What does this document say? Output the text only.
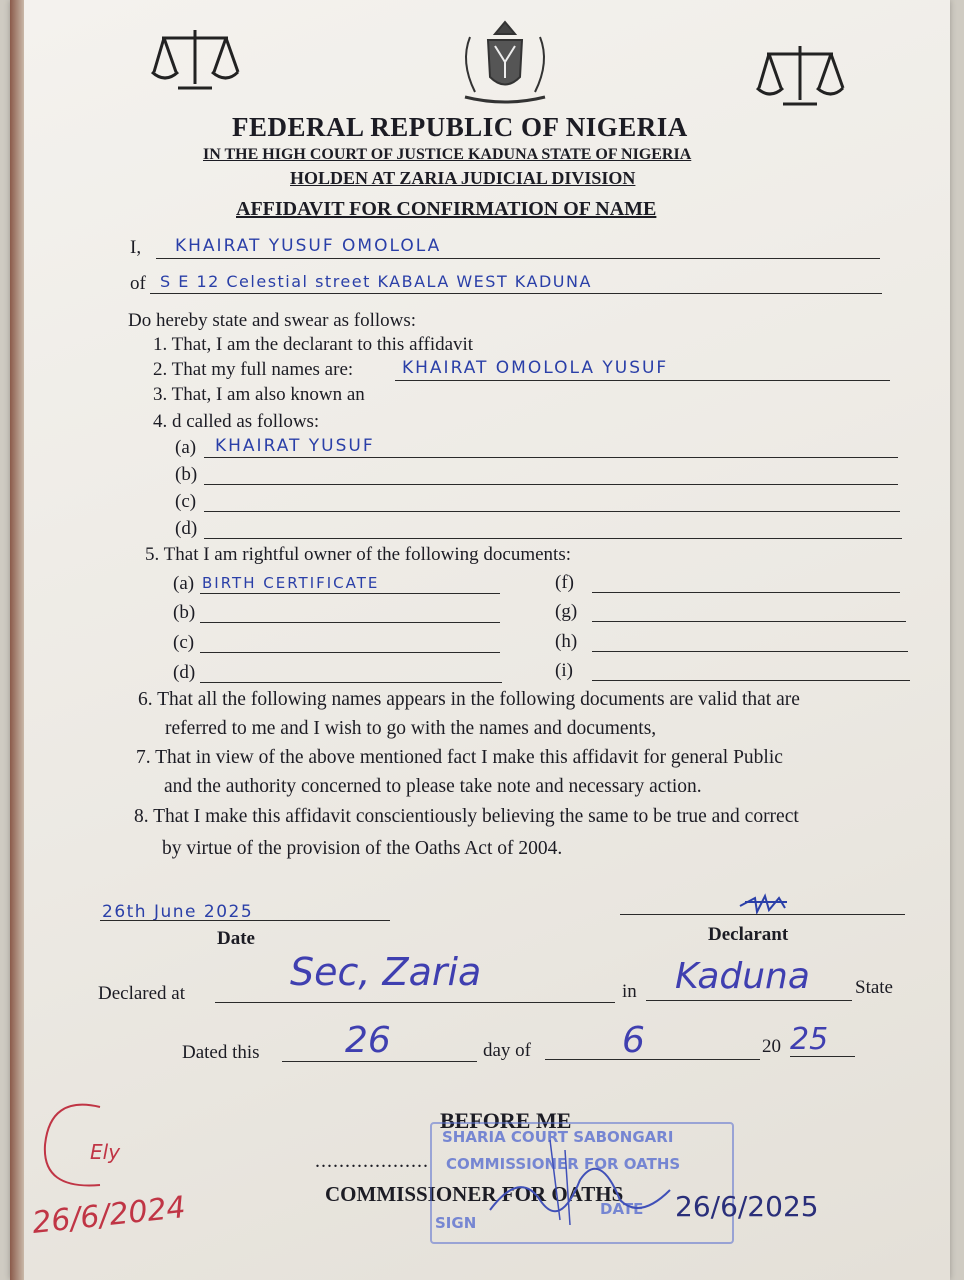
FEDERAL REPUBLIC OF NIGERIA
IN THE HIGH COURT OF JUSTICE KADUNA STATE OF NIGERIA
HOLDEN AT ZARIA JUDICIAL DIVISION
AFFIDAVIT FOR CONFIRMATION OF NAME
I, KHAIRAT YUSUF OMOLOLA
of S E 12 Celestial street KABALA WEST KADUNA
Do hereby state and swear as follows:
1. That, I am the declarant to this affidavit
2. That my full names are:	KHAIRAT OMOLOLA YUSUF
3. That, I am also known an
4. d called as follows:
(a) KHAIRAT YUSUF
(b)
(c)
(d)
5. That I am rightful owner of the following documents:
(a) BIRTH CERTIFICATE
(b)
(c)
(d)
(f)
(g)
(h)
(i)
6. That all the following names appears in the following documents are valid that are
referred to me and I wish to go with the names and documents,
7. That in view of the above mentioned fact I make this affidavit for general Public
and the authority concerned to please take note and necessary action.
8. That I make this affidavit conscientiously believing the same to be true and correct
by virtue of the provision of the Oaths Act of 2004.
26th June 2025
Date	Declarant
Declared at	Sec, Zaria	in Kaduna State
Dated this 26	day of	6	20 25
BEFORE ME
...................
COMMISSIONER FOR OATHS
SHARIA COURT SABONGARI
COMMISSIONER FOR OATHS
SIGN
DATE 26/6/2025
Ely
26/6/2024
